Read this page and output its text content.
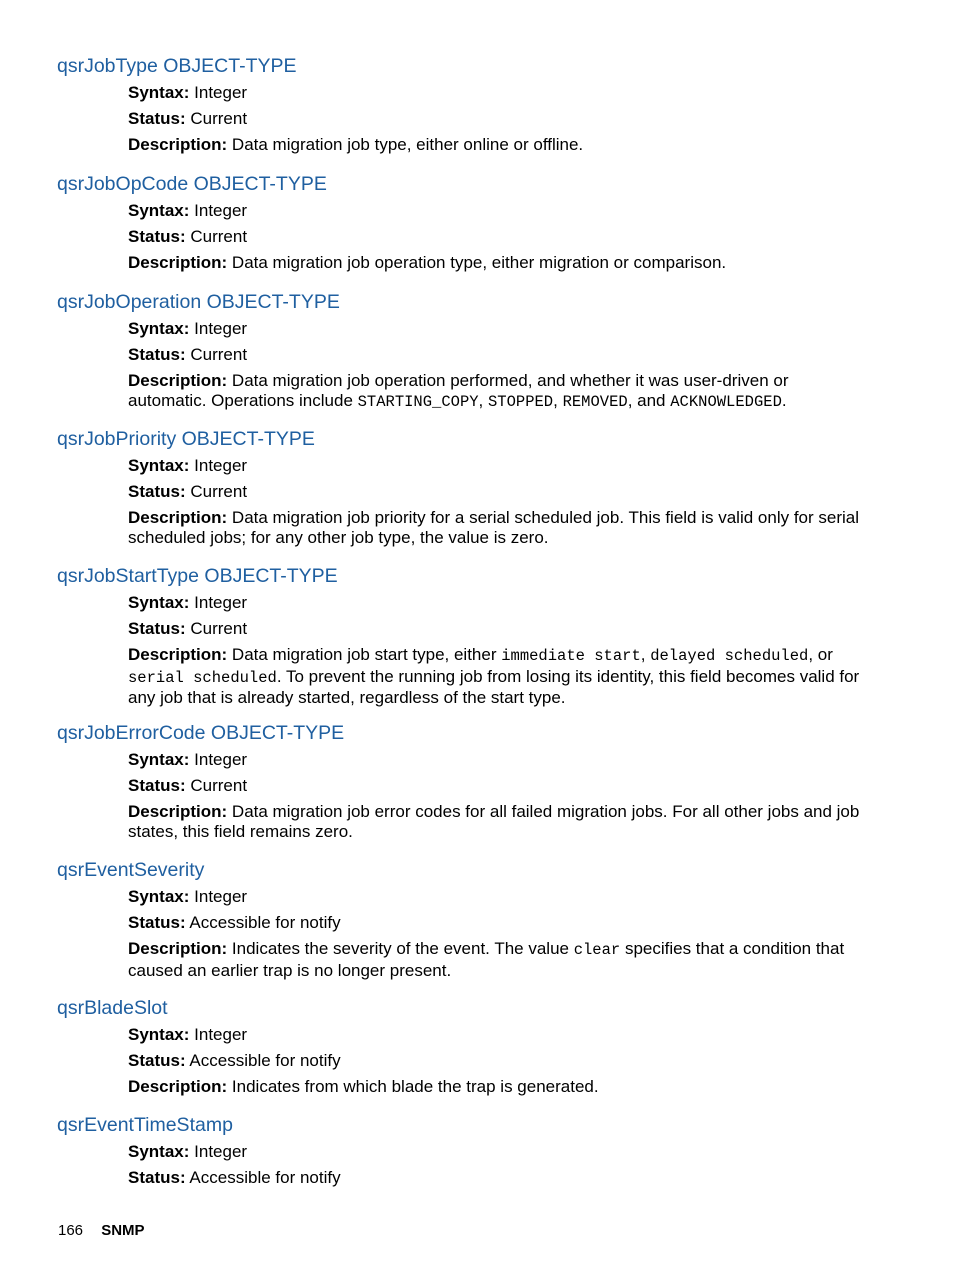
qsrJobType OBJECT-TYPE

Syntax: Integer

Status: Current

Description: Data migration job type, either online or offline.

qsrJobOpCode OBJECT-TYPE

Syntax: Integer

Status: Current

Description: Data migration job operation type, either migration or comparison.

qsrJobOperation OBJECT-TYPE

Syntax: Integer

Status: Current

Description: Data migration job operation performed, and whether it was user-driven or automatic. Operations include STARTING_COPY, STOPPED, REMOVED, and ACKNOWLEDGED.

qsrJobPriority OBJECT-TYPE

Syntax: Integer

Status: Current

Description: Data migration job priority for a serial scheduled job. This field is valid only for serial scheduled jobs; for any other job type, the value is zero.

qsrJobStartType OBJECT-TYPE

Syntax: Integer

Status: Current

Description: Data migration job start type, either immediate start, delayed scheduled, or serial scheduled. To prevent the running job from losing its identity, this field becomes valid for any job that is already started, regardless of the start type.

qsrJobErrorCode OBJECT-TYPE

Syntax: Integer

Status: Current

Description: Data migration job error codes for all failed migration jobs. For all other jobs and job states, this field remains zero.

qsrEventSeverity

Syntax: Integer

Status: Accessible for notify

Description: Indicates the severity of the event. The value clear specifies that a condition that caused an earlier trap is no longer present.

qsrBladeSlot

Syntax: Integer

Status: Accessible for notify

Description: Indicates from which blade the trap is generated.

qsrEventTimeStamp

Syntax: Integer

Status: Accessible for notify

166 SNMP
